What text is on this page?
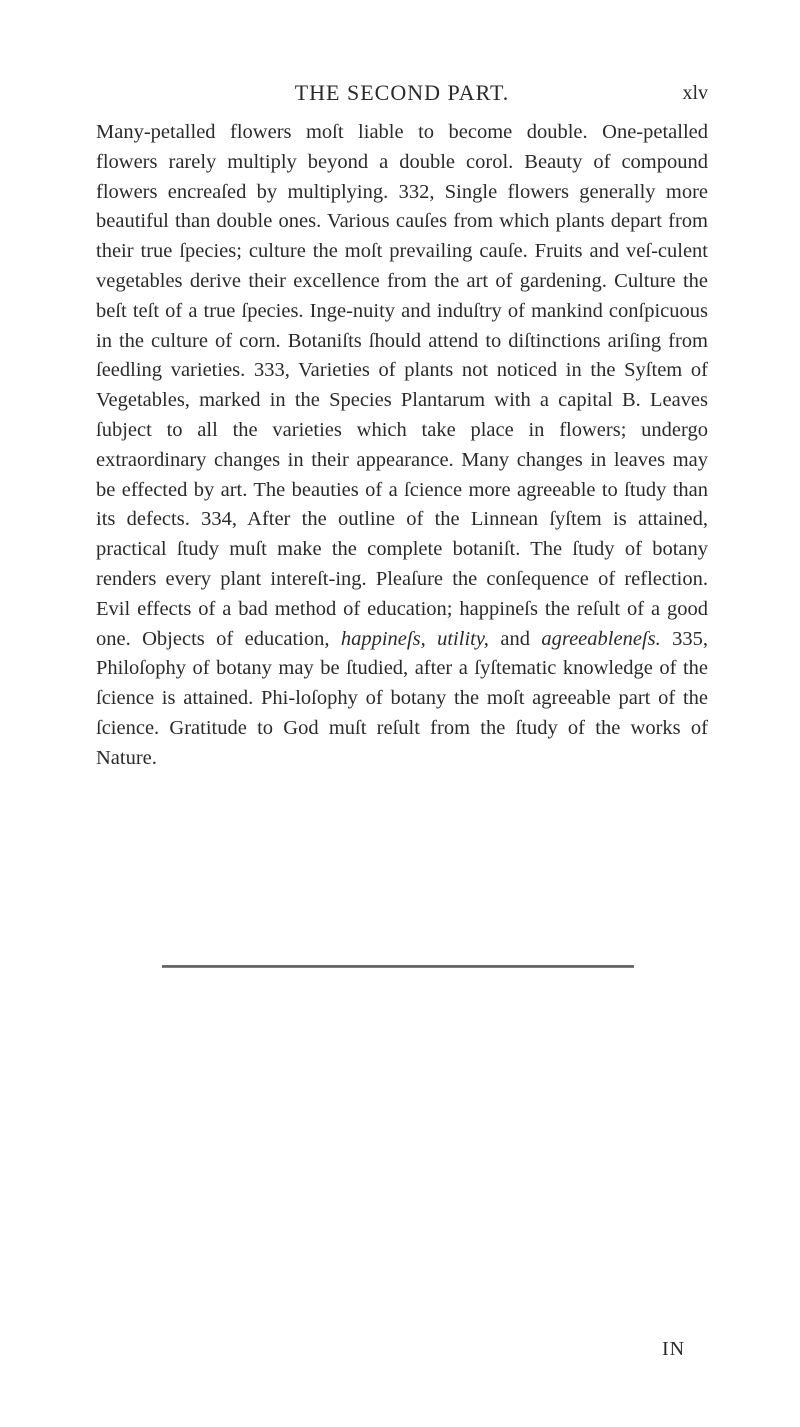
THE SECOND PART.	xlv

Many-petalled flowers moſt liable to become double. One-petalled flowers rarely multiply beyond a double corol. Beauty of compound flowers encreaſed by multiplying. 332, Single flowers generally more beautiful than double ones. Various cauſes from which plants depart from their true ſpecies; culture the moſt prevailing cauſe. Fruits and veſ-culent vegetables derive their excellence from the art of gardening. Culture the beſt teſt of a true ſpecies. Inge-nuity and induſtry of mankind conſpicuous in the culture of corn. Botaniſts ſhould attend to diſtinctions ariſing from ſeedling varieties. 333, Varieties of plants not noticed in the Syſtem of Vegetables, marked in the Species Plantarum with a capital B. Leaves ſubject to all the varieties which take place in flowers; undergo extraordinary changes in their appearance. Many changes in leaves may be effected by art. The beauties of a ſcience more agreeable to ſtudy than its defects. 334, After the outline of the Linnean ſyſtem is attained, practical ſtudy muſt make the complete botaniſt. The ſtudy of botany renders every plant intereſt-ing. Pleaſure the conſequence of reflection. Evil effects of a bad method of education; happineſs the reſult of a good one. Objects of education, happineſs, utility, and agreeableneſs. 335, Philoſophy of botany may be ſtudied, after a ſyſtematic knowledge of the ſcience is attained. Phi-loſophy of botany the moſt agreeable part of the ſcience. Gratitude to God muſt reſult from the ſtudy of the works of Nature.

IN
